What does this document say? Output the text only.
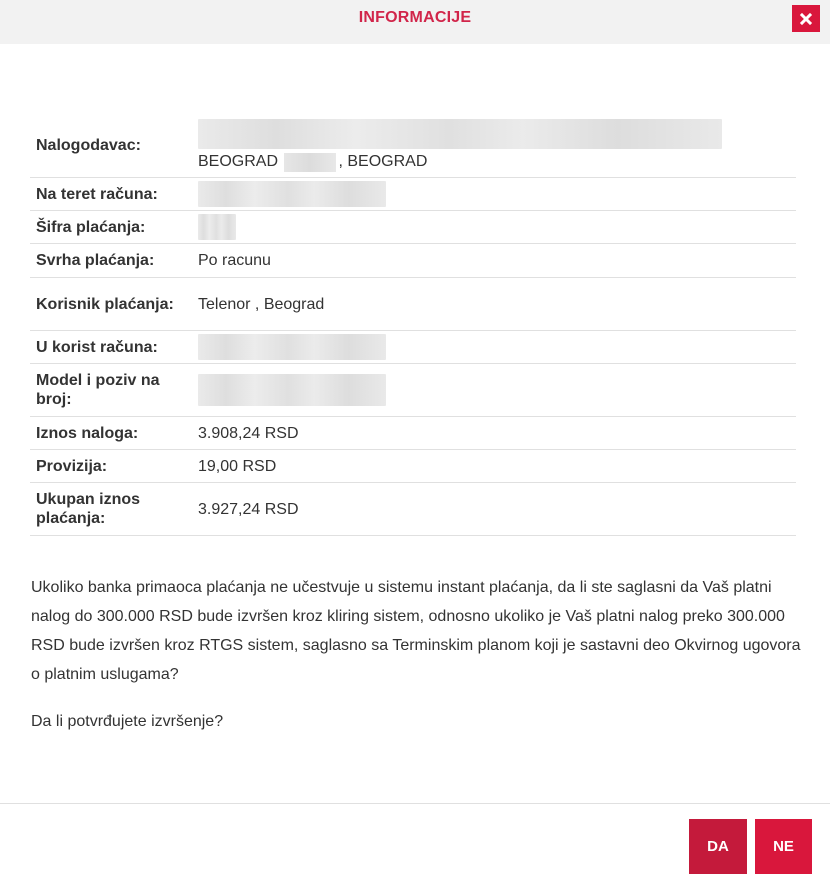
INFORMACIJE
Nalogodavac:
BEOGRAD	, BEOGRAD
Na teret računa:
Šifra plaćanja:
Svrha plaćanja:	Po racunu
Korisnik plaćanja:	Telenor , Beograd
U korist računa:
Model i poziv na broj:
Iznos naloga:	3.908,24 RSD
Provizija:	19,00 RSD
Ukupan iznos plaćanja:
3.927,24 RSD
Ukoliko banka primaoca plaćanja ne učestvuje u sistemu instant plaćanja, da li ste saglasni da Vaš platni nalog do 300.000 RSD bude izvršen kroz kliring sistem, odnosno ukoliko je Vaš platni nalog preko 300.000 RSD bude izvršen kroz RTGS sistem, saglasno sa Terminskim planom koji je sastavni deo Okvirnog ugovora o platnim uslugama?
Da li potvrđujete izvršenje?
DA	NE
